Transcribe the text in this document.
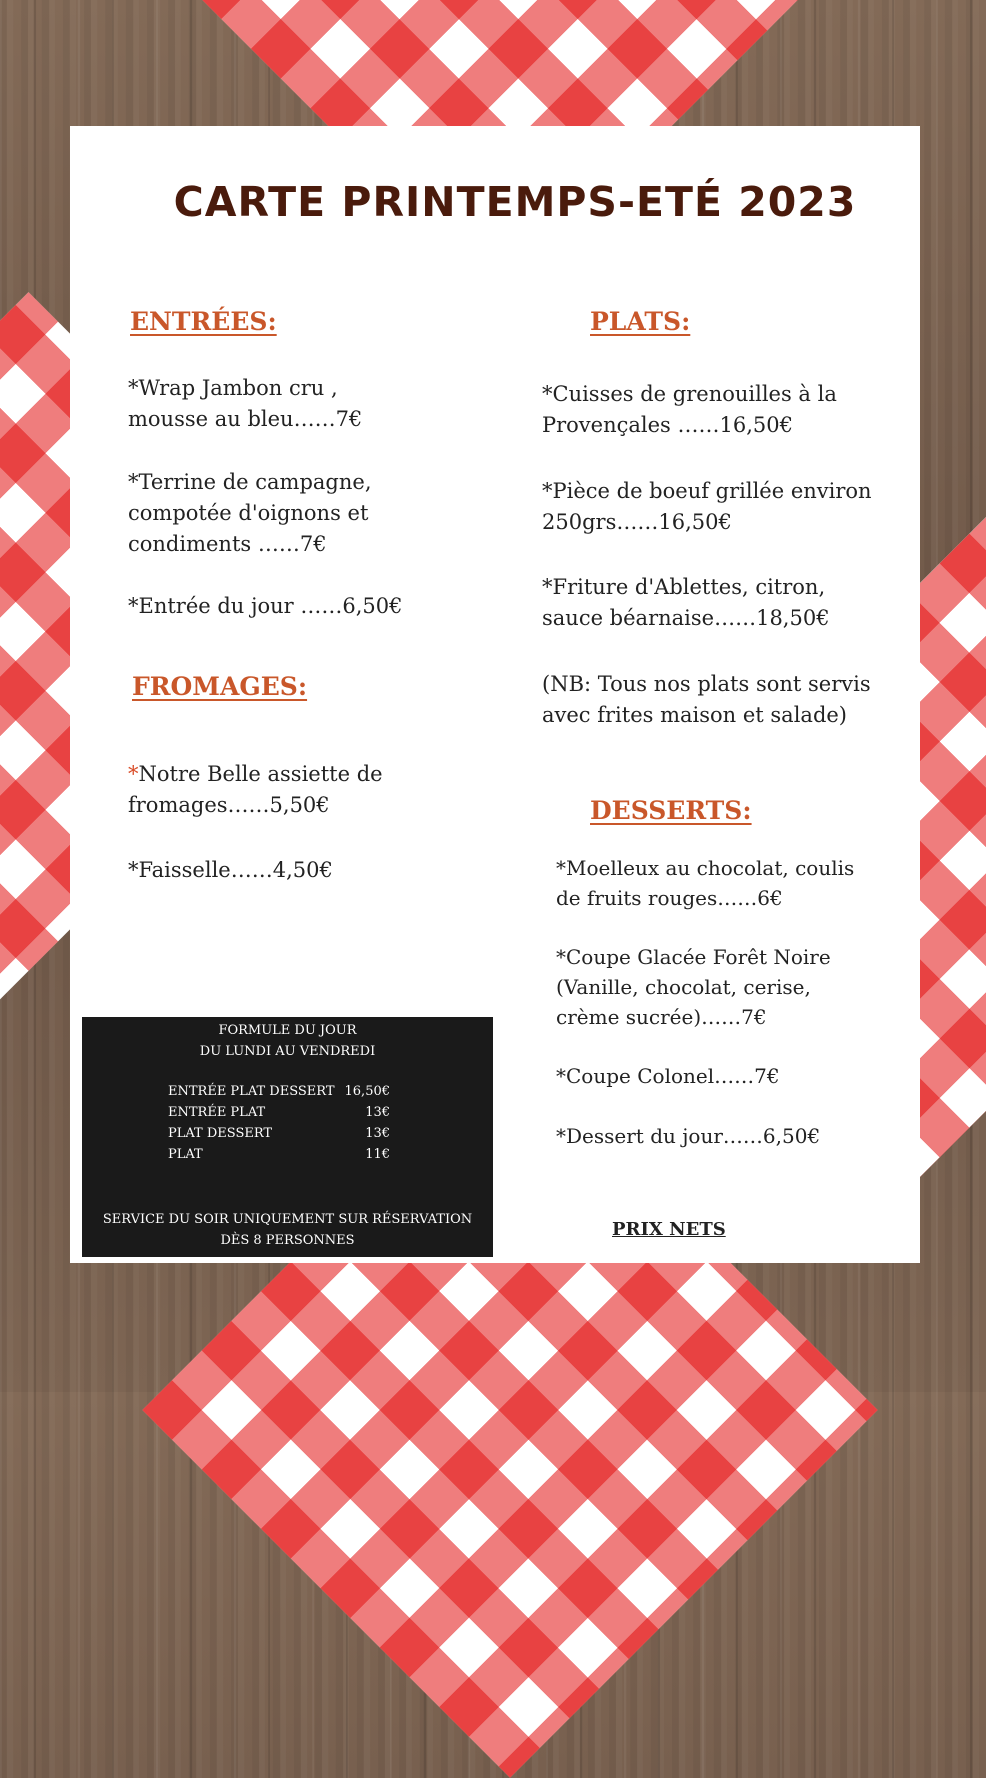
CARTE PRINTEMPS-ETÉ 2023
ENTRÉES:

*Wrap Jambon cru ,
mousse au bleu……7€

*Terrine de campagne,
compotée d'oignons et
condiments ……7€

*Entrée du jour ……6,50€

FROMAGES:

*Notre Belle assiette de
fromages……5,50€

*Faisselle……4,50€

PLATS:

*Cuisses de grenouilles à la
Provençales ……16,50€

*Pièce de boeuf grillée environ
250grs……16,50€

*Friture d'Ablettes, citron,
sauce béarnaise……18,50€

(NB: Tous nos plats sont servis
avec frites maison et salade)

DESSERTS:

*Moelleux au chocolat, coulis
de fruits rouges……6€

*Coupe Glacée Forêt Noire
(Vanille, chocolat, cerise,
crème sucrée)……7€

*Coupe Colonel……7€

*Dessert du jour……6,50€

FORMULE DU JOUR
DU LUNDI AU VENDREDI
ENTRÉE PLAT DESSERT	16,50€
ENTRÉE PLAT	13€
PLAT DESSERT	13€
PLAT	11€
SERVICE DU SOIR UNIQUEMENT SUR RÉSERVATION
DÈS 8 PERSONNES

PRIX NETS
